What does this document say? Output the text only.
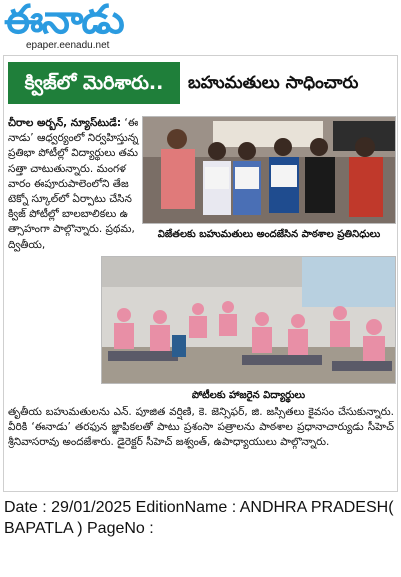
ఈనాడు
epaper.eenadu.net
క్విజ్‌లో మెరిశారు..	బహుమతులు సాధించారు
చీరాల అర్బన్, న్యూస్‌టుడే: ‘ఈనాడు’ ఆధ్వర్యంలో నిర్వహిస్తున్న ప్రతిభా పోటీల్లో విద్యార్థులు తమ సత్తా చాటుతున్నారు. మంగళవారం ఈపూరుపాలెంలోని తేజ టెక్నో స్కూల్‌లో ఏర్పాటు చేసిన క్విజ్ పోటీల్లో బాలబాలికలు ఉత్సాహంగా పాల్గొన్నారు. ప్రథమ, ద్వితీయ,
విజేతలకు బహుమతులు అందజేసిన పాఠశాల ప్రతినిధులు
పోటీలకు హాజరైన విద్యార్థులు
తృతీయ బహుమతులను ఎన్. పూజిత వర్షిణి, కె. జెన్సిఫర్, జి. జస్సితలు కైవసం చేసుకున్నారు. వీరికి ‘ఈనాడు’ తరఫున జ్ఞాపికలతో పాటు ప్రశంసా పత్రాలను పాఠశాల ప్రధానాచార్యుడు సీహెచ్ శ్రీనివాసరావు అందజేశారు. డైరెక్టర్ సీహెచ్ జశ్వంత్, ఉపాధ్యాయులు పాల్గొన్నారు.
Date : 29/01/2025 EditionName : ANDHRA PRADESH( BAPATLA ) PageNo :
